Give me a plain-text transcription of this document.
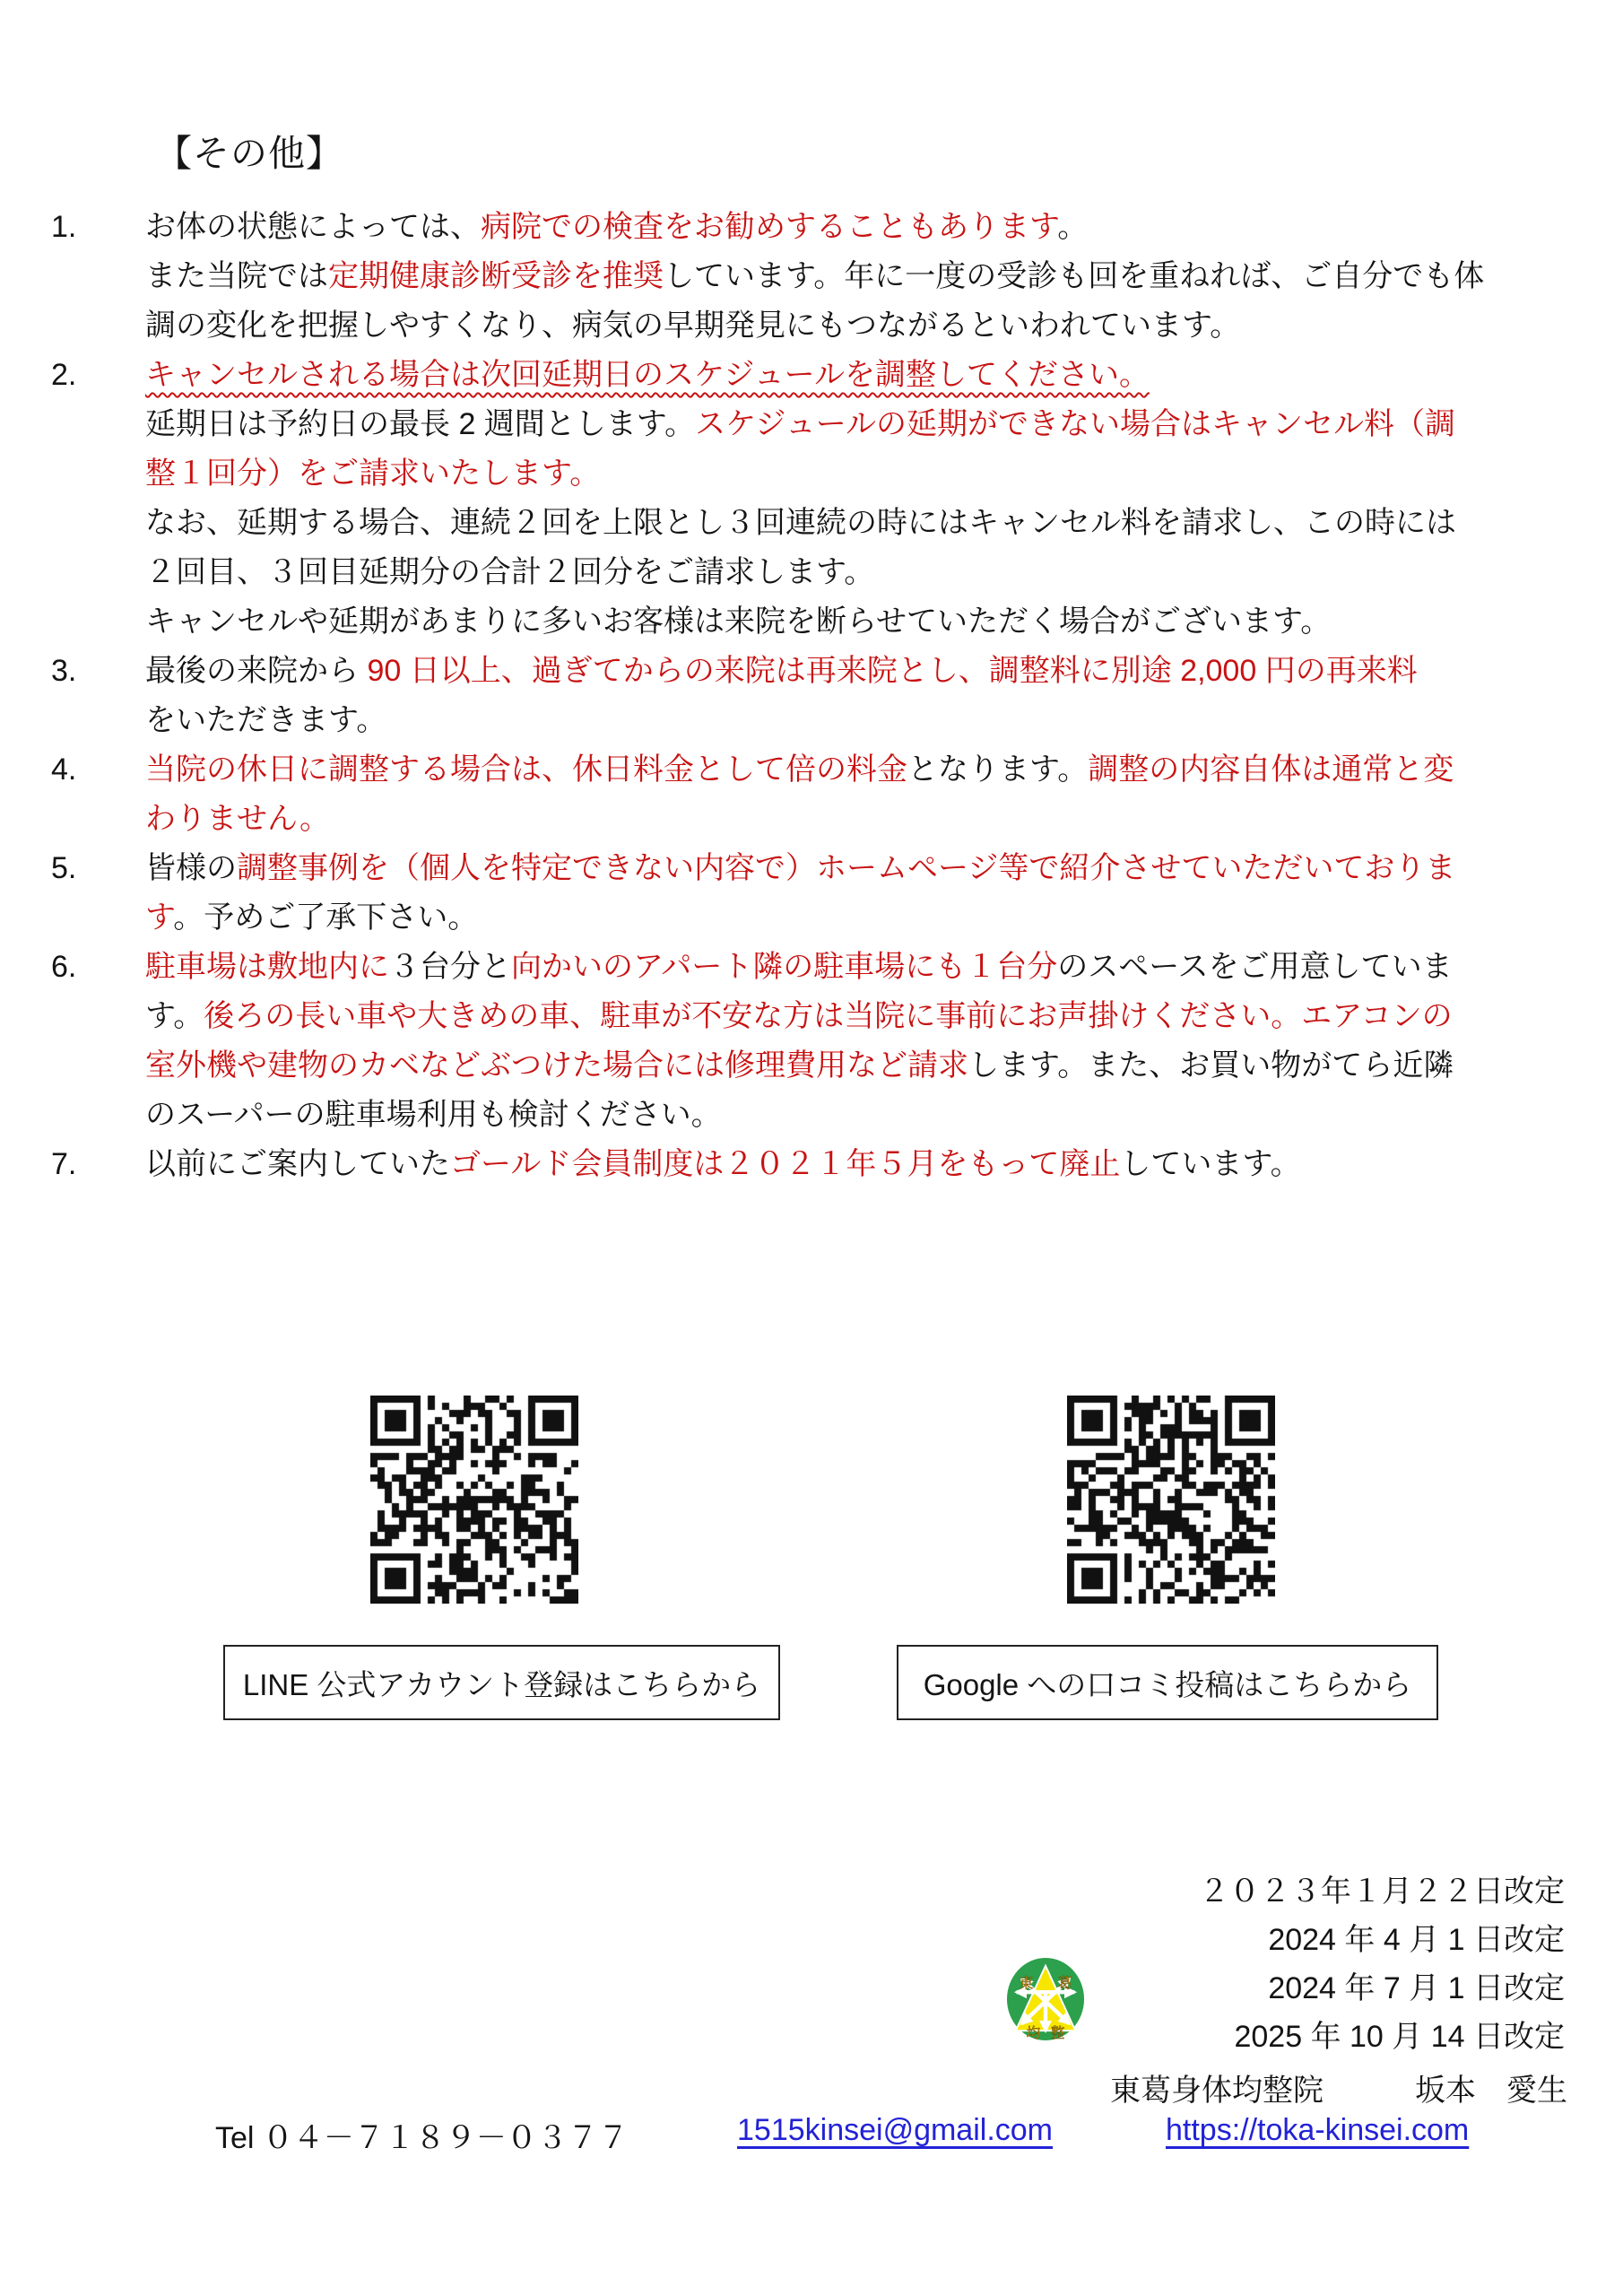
【その他】
1.	お体の状態によっては、病院での検査をお勧めすることもあります。
また当院では定期健康診断受診を推奨しています。年に一度の受診も回を重ねれば、ご自分でも体
調の変化を把握しやすくなり、病気の早期発見にもつながるといわれています。
2.	キャンセルされる場合は次回延期日のスケジュールを調整してください。
延期日は予約日の最長 2 週間とします。スケジュールの延期ができない場合はキャンセル料（調
整１回分）をご請求いたします。
なお、延期する場合、連続２回を上限とし３回連続の時にはキャンセル料を請求し、この時には
２回目、３回目延期分の合計２回分をご請求します。
キャンセルや延期があまりに多いお客様は来院を断らせていただく場合がございます。
3.	最後の来院から 90 日以上、過ぎてからの来院は再来院とし、調整料に別途 2,000 円の再来料
をいただきます。
4.	当院の休日に調整する場合は、休日料金として倍の料金となります。調整の内容自体は通常と変
わりません。
5.	皆様の調整事例を（個人を特定できない内容で）ホームページ等で紹介させていただいておりま
す。予めご了承下さい。
6.	駐車場は敷地内に３台分と向かいのアパート隣の駐車場にも１台分のスペースをご用意していま
す。後ろの長い車や大きめの車、駐車が不安な方は当院に事前にお声掛けください。エアコンの
室外機や建物のカベなどぶつけた場合には修理費用など請求します。また、お買い物がてら近隣
のスーパーの駐車場利用も検討ください。
7.	以前にご案内していたゴールド会員制度は２０２１年５月をもって廃止しています。
LINE 公式アカウント登録はこちらから	Google への口コミ投稿はこちらから
２０２３年１月２２日改定
2024 年 4 月 1 日改定
2024 年 7 月 1 日改定
2025 年 10 月 14 日改定
東 葛
均 整
東葛身体均整院　　　坂本　愛生
Tel ０４－７１８９－０３７７	1515kinsei@gmail.com	https://toka-kinsei.com
